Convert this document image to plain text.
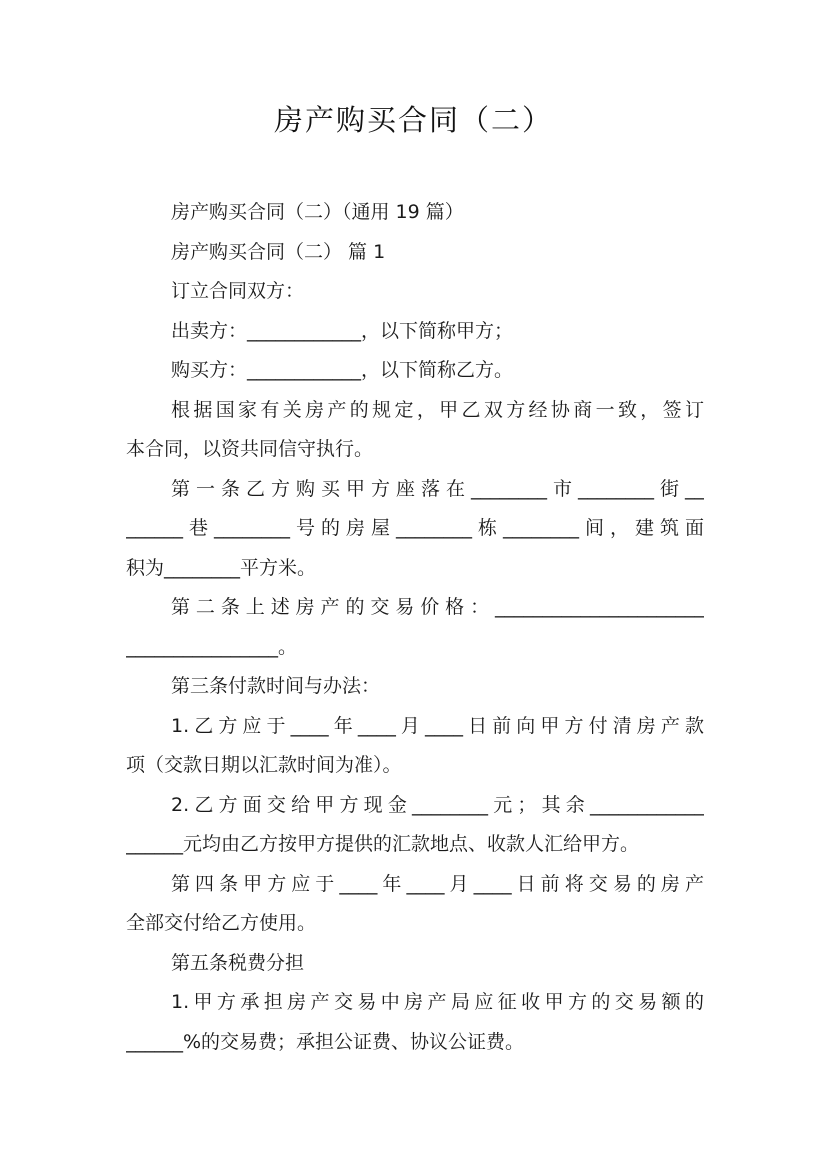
房产购买合同（二）
房产购买合同（二）（通用 19 篇）
房产购买合同（二） 篇 1
订立合同双方：
出卖方：____________，以下简称甲方；
购买方：____________，以下简称乙方。
根据国家有关房产的规定，甲乙双方经协商一致，签订
本合同，以资共同信守执行。
第一条乙方购买甲方座落在________市________街__
______巷________号的房屋________栋________间，建筑面
积为________平方米。
第二条上述房产的交易价格：______________________
________________。
第三条付款时间与办法：
1.乙方应于____年____月____日前向甲方付清房产款
项（交款日期以汇款时间为准）。
2.乙方面交给甲方现金________元；其余____________
______元均由乙方按甲方提供的汇款地点、收款人汇给甲方。
第四条甲方应于____年____月____日前将交易的房产
全部交付给乙方使用。
第五条税费分担
1.甲方承担房产交易中房产局应征收甲方的交易额的
______%的交易费；承担公证费、协议公证费。
